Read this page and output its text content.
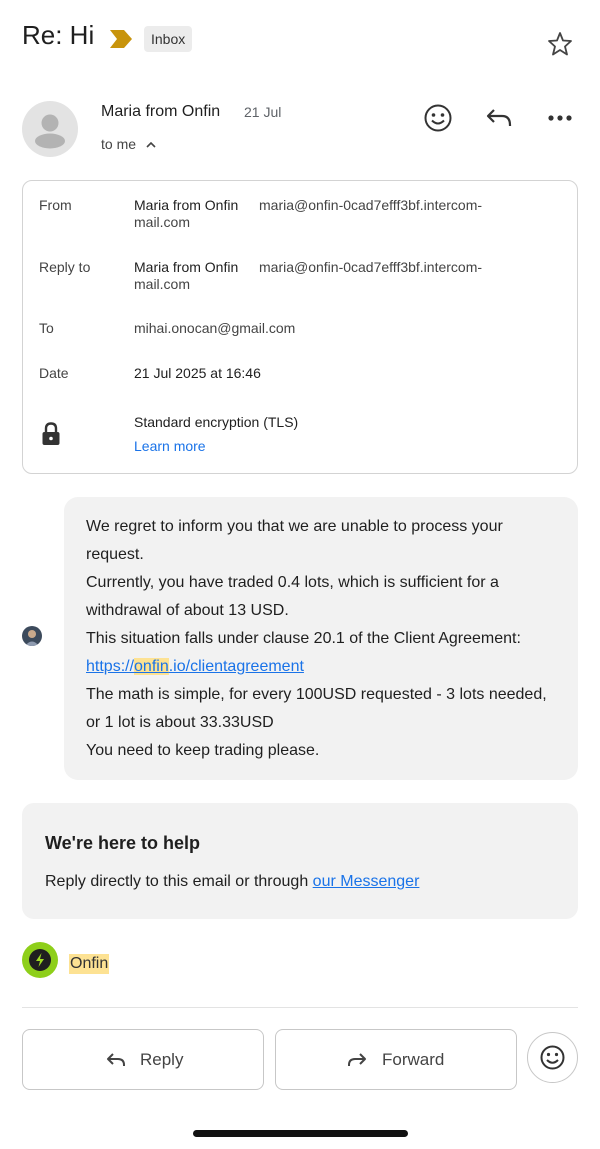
Re: Hi	Inbox
Maria from Onfin 21 Jul
to me
From	Maria from Onfin maria@onfin-0cad7efff3bf.intercom-
mail.com
Reply to	Maria from Onfin maria@onfin-0cad7efff3bf.intercom-
mail.com
To	mihai.onocan@gmail.com
Date	21 Jul 2025 at 16:46
Standard encryption (TLS)
Learn more

We regret to inform you that we are unable to process your request.

Currently, you have traded 0.4 lots, which is sufficient for a withdrawal of about 13 USD.

This situation falls under clause 20.1 of the Client Agreement: https://onfin.io/clientagreement

The math is simple, for every 100USD requested - 3 lots needed, or 1 lot is about 33.33USD

You need to keep trading please.

We're here to help
Reply directly to this email or through our Messenger
Onfin
Reply	Forward
